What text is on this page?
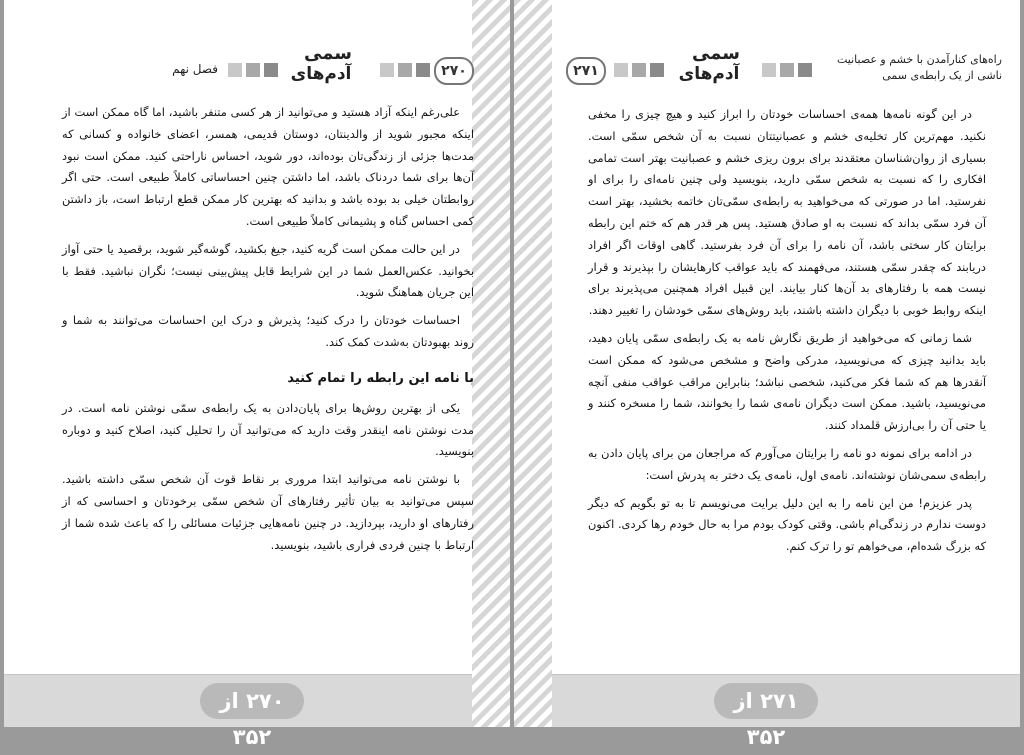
۲۷۰
سمی
آدم‌های
فصل نهم

علی‌رغم اینکه آزاد هستید و می‌توانید از هر کسی متنفر باشید، اما گاه ممکن است از اینکه مجبور شوید از والدینتان، دوستان قدیمی، همسر، اعضای خانواده و کسانی که مدت‌ها جزئی از زندگی‌تان بوده‌اند، دور شوید، احساس ناراحتی کنید. ممکن است نبود آن‌ها برای شما دردناک باشد، اما داشتن چنین احساساتی کاملاً طبیعی است. حتی اگر روابطتان خیلی بد بوده باشد و بدانید که بهترین کار ممکن قطع ارتباط است، باز داشتن کمی احساس گناه و پشیمانی کاملاً طبیعی است.

در این حالت ممکن است گریه کنید، جیغ بکشید، گوشه‌گیر شوید، برقصید یا حتی آواز بخوانید. عکس‌العمل شما در این شرایط قابل پیش‌بینی نیست؛ نگران نباشید. فقط با این جریان هماهنگ شوید.

احساسات خودتان را درک کنید؛ پذیرش و درک این احساسات می‌توانند به شما و روند بهبودتان به‌شدت کمک کند.

با نامه این رابطه را تمام کنید

یکی از بهترین روش‌ها برای پایان‌دادن به یک رابطه‌ی سمّی نوشتن نامه است. در مدت نوشتن نامه اینقدر وقت دارید که می‌توانید آن را تحلیل کنید، اصلاح کنید و دوباره بنویسید.

با نوشتن نامه می‌توانید ابتدا مروری بر نقاط قوت آن شخص سمّی داشته باشید. سپس می‌توانید به بیان تأثیر رفتارهای آن شخص سمّی برخودتان و احساسی که از رفتارهای او دارید، بپردازید. در چنین نامه‌هایی جزئیات مسائلی را که باعث شده شما از ارتباط با چنین فردی فراری باشید، بنویسید.

۲۷۰ از ۳۵۲
راه‌های کنارآمدن با خشم و عصبانیت
ناشی از یک رابطه‌ی سمی
سمی
آدم‌های
۲۷۱

در این گونه نامه‌ها همه‌ی احساسات خودتان را ابراز کنید و هیچ چیزی را مخفی نکنید. مهم‌ترین کار تخلیه‌ی خشم و عصبانیتتان نسبت به آن شخص سمّی است. بسیاری از روان‌شناسان معتقدند برای برون ریزی خشم و عصبانیت بهتر است تمامی افکاری را که نسبت به شخص سمّی دارید، بنویسید ولی چنین نامه‌ای را برای او نفرستید. اما در صورتی که می‌خواهید به رابطه‌ی سمّی‌تان خاتمه بخشید، بهتر است آن فرد سمّی بداند که نسبت به او صادق هستید. پس هر قدر هم که ختم این رابطه برایتان کار سختی باشد، آن نامه را برای آن فرد بفرستید. گاهی اوقات اگر افراد دریابند که چقدر سمّی هستند، می‌فهمند که باید عواقب کارهایشان را بپذیرند و قرار نیست همه با رفتارهای بد آن‌ها کنار بیایند. این قبیل افراد همچنین می‌پذیرند برای اینکه روابط خوبی با دیگران داشته باشند، باید روش‌های سمّی خودشان را تغییر دهند.

شما زمانی که می‌خواهید از طریق نگارش نامه به یک رابطه‌ی سمّی پایان دهید، باید بدانید چیزی که می‌نویسید، مدرکی واضح و مشخص می‌شود که ممکن است آنقدرها هم که شما فکر می‌کنید، شخصی نباشد؛ بنابراین مراقب عواقب منفی آنچه می‌نویسید، باشید. ممکن است دیگران نامه‌ی شما را بخوانند، شما را مسخره کنند و یا حتی آن را بی‌ارزش قلمداد کنند.

در ادامه برای نمونه دو نامه را برایتان می‌آورم که مراجعان من برای پایان دادن به رابطه‌ی سمی‌شان نوشته‌اند. نامه‌ی اول، نامه‌ی یک دختر به پدرش است:

پدر عزیزم! من این نامه را به این دلیل برایت می‌نویسم تا به تو بگویم که دیگر دوست ندارم در زندگی‌ام باشی. وقتی کودک بودم مرا به حال خودم رها کردی. اکنون که بزرگ شده‌ام، می‌خواهم تو را ترک کنم.

۲۷۱ از ۳۵۲
